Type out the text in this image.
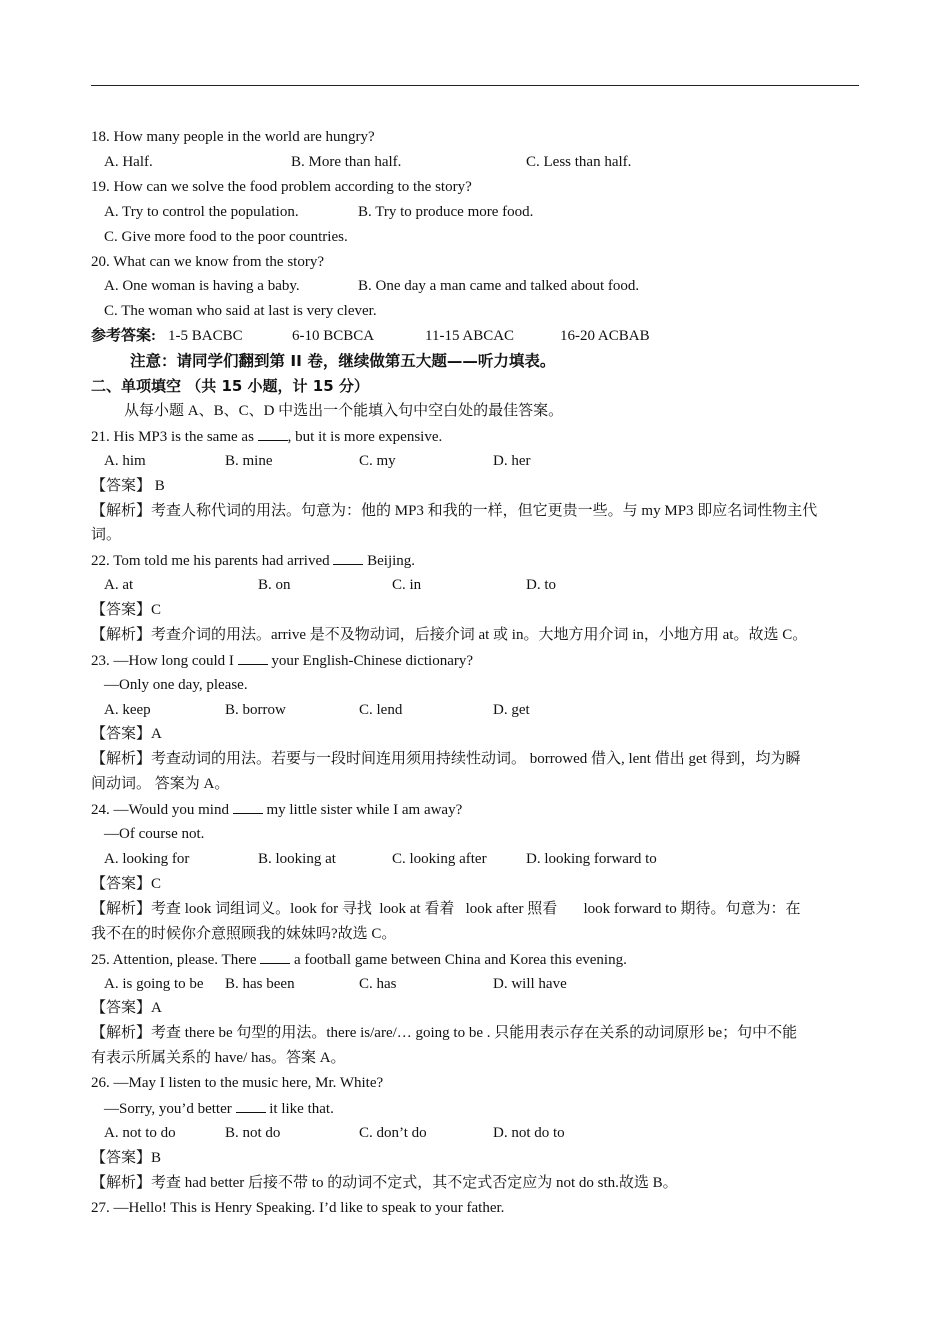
18. How many people in the world are hungry?
A. Half.	B. More than half.	C. Less than half.
19. How can we solve the food problem according to the story?
A. Try to control the population.	B. Try to produce more food.
C. Give more food to the poor countries.
20. What can we know from the story?
A. One woman is having a baby.	B. One day a man came and talked about food.
C. The woman who said at last is very clever.
参考答案: 1-5 BACBC	6-10 BCBCA	11-15 ABCAC	16-20 ACBAB
注意：请同学们翻到第 II 卷，继续做第五大题——听力填表。
二、单项填空 （共 15 小题，计 15 分）
从每小题 A、B、C、D 中选出一个能填入句中空白处的最佳答案。
21. His MP3 is the same as , but it is more expensive.
A. him	B. mine	C. my	D. her
【答案】 B
【解析】考查人称代词的用法。句意为：他的 MP3 和我的一样，但它更贵一些。与 my MP3 即应名词性物主代
词。
22. Tom told me his parents had arrived  Beijing.
A. at	B. on	C. in	D. to
【答案】C
【解析】考查介词的用法。arrive 是不及物动词，后接介词 at 或 in。大地方用介词 in，小地方用 at。故选 C。
23. —How long could I  your English-Chinese dictionary?
—Only one day, please.
A. keep	B. borrow	C. lend	D. get
【答案】A
【解析】考查动词的用法。若要与一段时间连用须用持续性动词。 borrowed 借入, lent 借出 get 得到，均为瞬
间动词。 答案为 A。
24. —Would you mind  my little sister while I am away?
—Of course not.
A. looking for	B. looking at	C. looking after	D. looking forward to
【答案】C
【解析】考查 look 词组词义。look for 寻找  look at 看着   look after 照看       look forward to 期待。句意为：在
我不在的时候你介意照顾我的妹妹吗?故选 C。
25. Attention, please. There  a football game between China and Korea this evening.
A. is going to be B. has been	C. has	D. will have
【答案】A
【解析】考查 there be 句型的用法。there is/are/… going to be . 只能用表示存在关系的动词原形 be；句中不能
有表示所属关系的 have/ has。答案 A。
26. —May I listen to the music here, Mr. White?
—Sorry, you’d better  it like that.
A. not to do	B. not do	C. don’t do	D. not do to
【答案】B
【解析】考查 had better 后接不带 to 的动词不定式，其不定式否定应为 not do sth.故选 B。
27. —Hello! This is Henry Speaking. I’d like to speak to your father.
